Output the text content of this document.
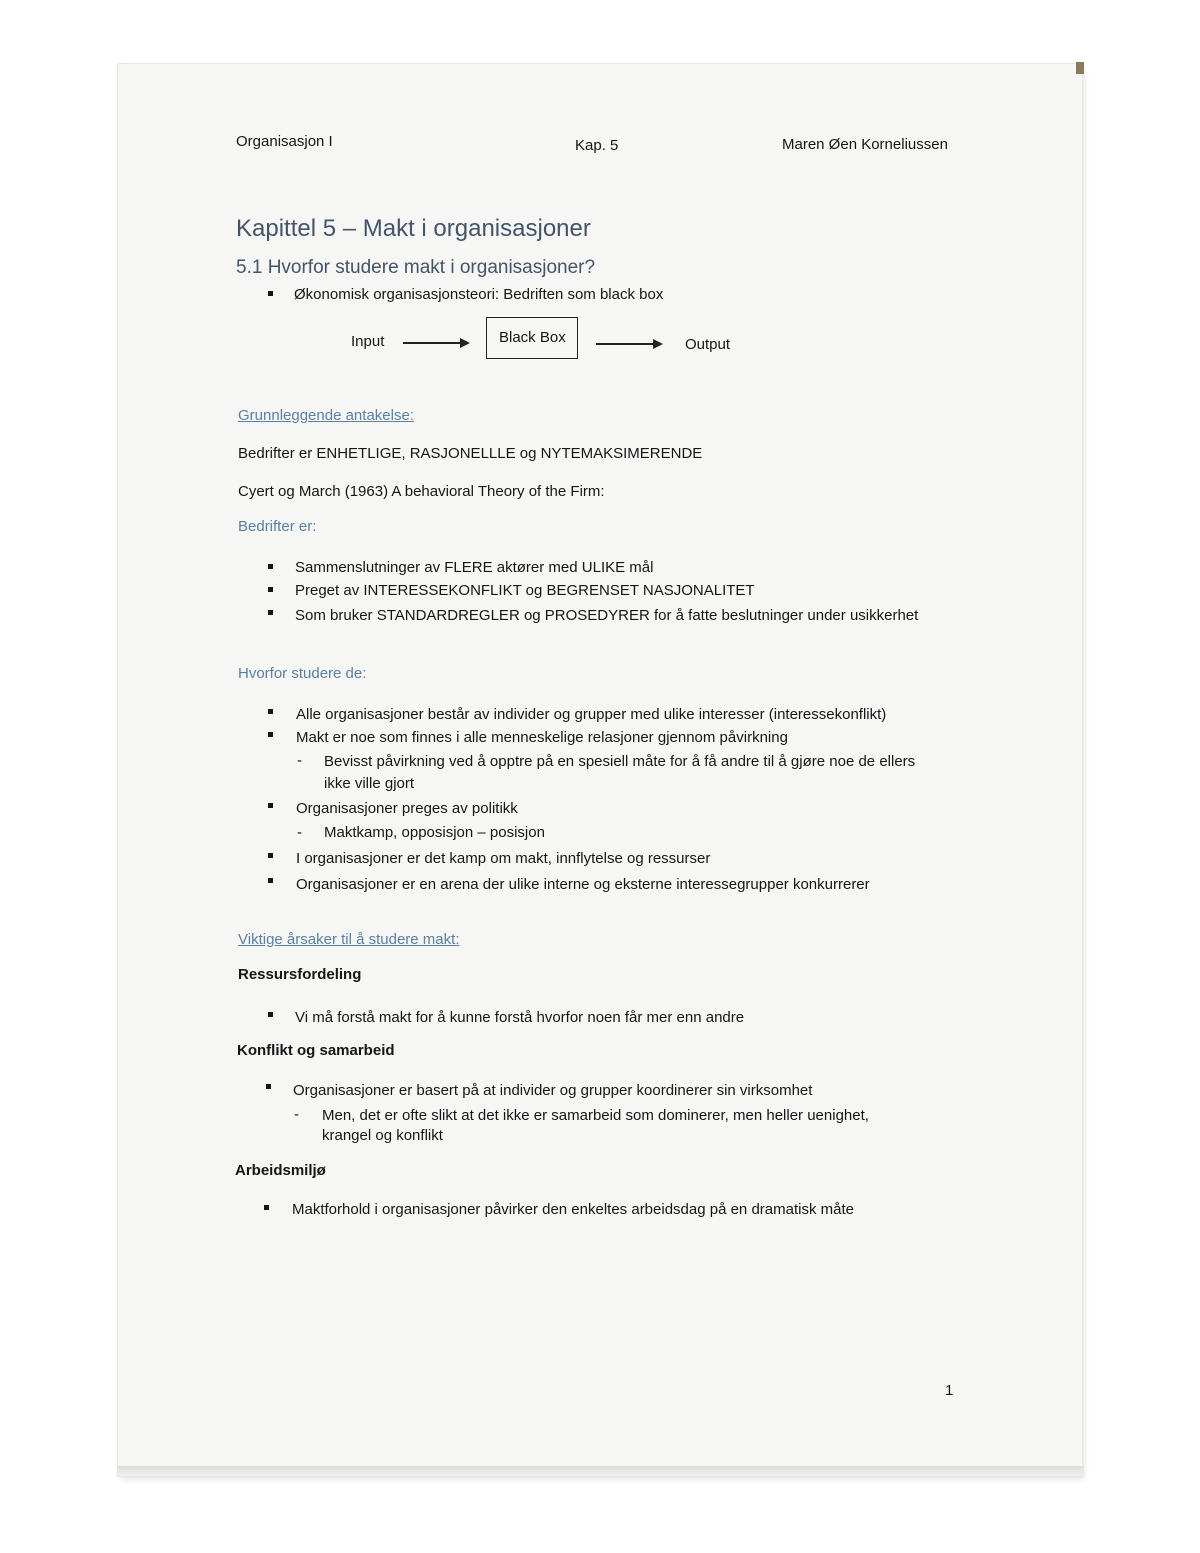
Organisasjon I	Kap. 5	Maren Øen Korneliussen
Kapittel 5 – Makt i organisasjoner
5.1 Hvorfor studere makt i organisasjoner?
Økonomisk organisasjonsteori: Bedriften som black box
Input	Black Box	Output
Grunnleggende antakelse:
Bedrifter er ENHETLIGE, RASJONELLLE og NYTEMAKSIMERENDE
Cyert og March (1963) A behavioral Theory of the Firm:
Bedrifter er:
Sammenslutninger av FLERE aktører med ULIKE mål
Preget av INTERESSEKONFLIKT og BEGRENSET NASJONALITET
Som bruker STANDARDREGLER og PROSEDYRER for å fatte beslutninger under usikkerhet
Hvorfor studere de:
Alle organisasjoner består av individer og grupper med ulike interesser (interessekonflikt)
Makt er noe som finnes i alle menneskelige relasjoner gjennom påvirkning
- Bevisst påvirkning ved å opptre på en spesiell måte for å få andre til å gjøre noe de ellers
ikke ville gjort
Organisasjoner preges av politikk
- Maktkamp, opposisjon – posisjon
I organisasjoner er det kamp om makt, innflytelse og ressurser
Organisasjoner er en arena der ulike interne og eksterne interessegrupper konkurrerer
Viktige årsaker til å studere makt:
Ressursfordeling
Vi må forstå makt for å kunne forstå hvorfor noen får mer enn andre
Konflikt og samarbeid
Organisasjoner er basert på at individer og grupper koordinerer sin virksomhet
- Men, det er ofte slikt at det ikke er samarbeid som dominerer, men heller uenighet,
krangel og konflikt
Arbeidsmiljø
Maktforhold i organisasjoner påvirker den enkeltes arbeidsdag på en dramatisk måte
1
